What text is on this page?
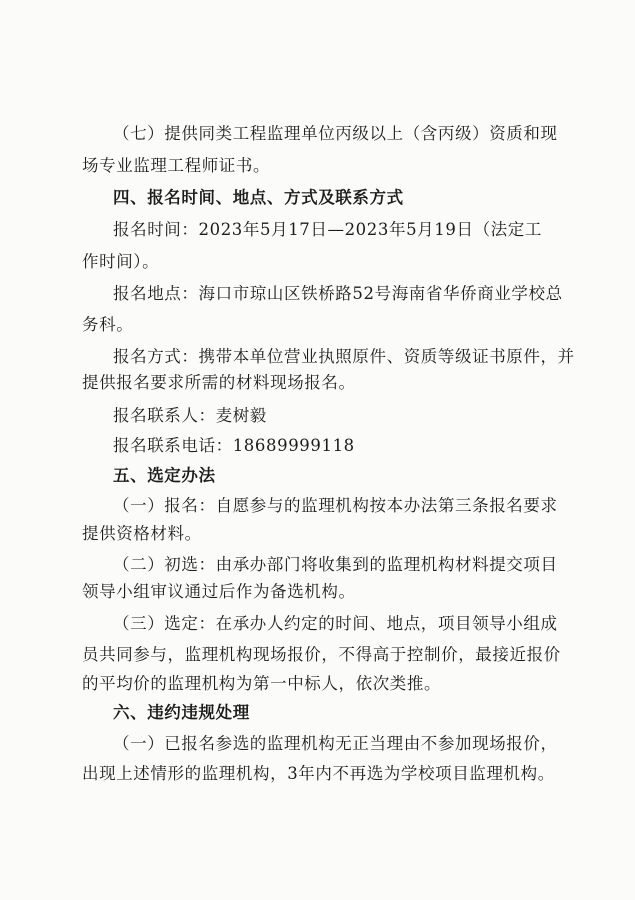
（七）提供同类工程监理单位丙级以上（含丙级）资质和现
场专业监理工程师证书。
四、报名时间、地点、方式及联系方式
报名时间：2023年5月17日—2023年5月19日（法定工
作时间）。
报名地点：海口市琼山区铁桥路52号海南省华侨商业学校总
务科。
报名方式：携带本单位营业执照原件、资质等级证书原件，并
提供报名要求所需的材料现场报名。
报名联系人：麦树毅
报名联系电话：18689999118
五、选定办法
（一）报名：自愿参与的监理机构按本办法第三条报名要求
提供资格材料。
（二）初选：由承办部门将收集到的监理机构材料提交项目
领导小组审议通过后作为备选机构。
（三）选定：在承办人约定的时间、地点，项目领导小组成
员共同参与，监理机构现场报价，不得高于控制价，最接近报价
的平均价的监理机构为第一中标人，依次类推。
六、违约违规处理
（一）已报名参选的监理机构无正当理由不参加现场报价，
出现上述情形的监理机构，3年内不再选为学校项目监理机构。
